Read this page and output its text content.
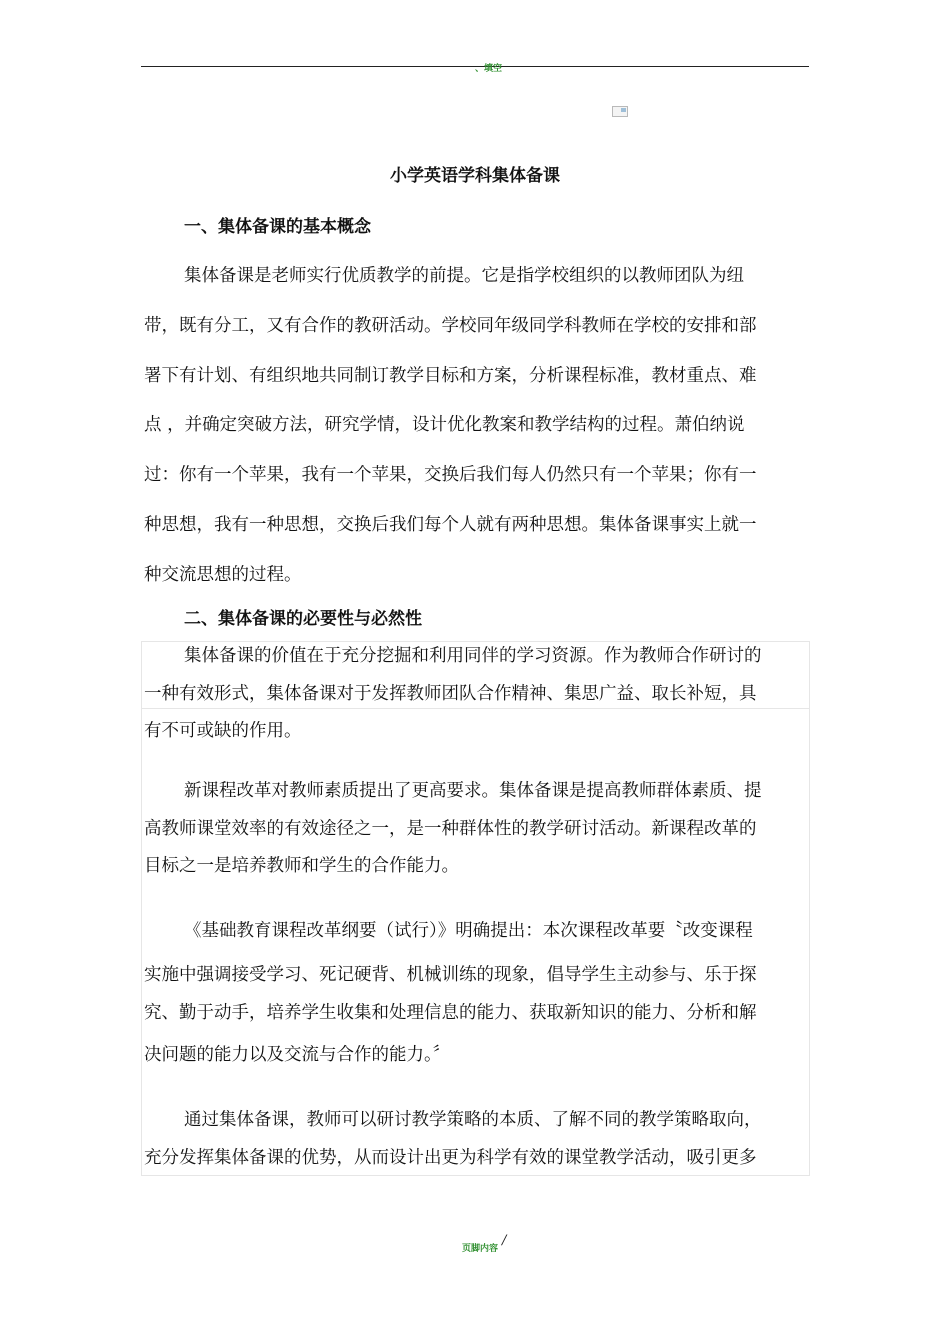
、填空
小学英语学科集体备课
一、集体备课的基本概念
集体备课是老师实行优质教学的前提。它是指学校组织的以教师团队为纽
带，既有分工，又有合作的教研活动。学校同年级同学科教师在学校的安排和部
署下有计划、有组织地共同制订教学目标和方案，分析课程标准，教材重点、难
点 ，并确定突破方法，研究学情，设计优化教案和教学结构的过程。萧伯纳说
过：你有一个苹果，我有一个苹果，交换后我们每人仍然只有一个苹果；你有一
种思想，我有一种思想，交换后我们每个人就有两种思想。集体备课事实上就一
种交流思想的过程。
二、集体备课的必要性与必然性
集体备课的价值在于充分挖掘和利用同伴的学习资源。作为教师合作研讨的
一种有效形式，集体备课对于发挥教师团队合作精神、集思广益、取长补短，具
有不可或缺的作用。
新课程改革对教师素质提出了更高要求。集体备课是提高教师群体素质、提
高教师课堂效率的有效途径之一，是一种群体性的教学研讨活动。新课程改革的
目标之一是培养教师和学生的合作能力。
《基础教育课程改革纲要（试行）》明确提出：本次课程改革要〝改变课程
实施中强调接受学习、死记硬背、机械训练的现象，倡导学生主动参与、乐于探
究、勤于动手，培养学生收集和处理信息的能力、获取新知识的能力、分析和解
决问题的能力以及交流与合作的能力。〞
通过集体备课，教师可以研讨教学策略的本质、了解不同的教学策略取向，
充分发挥集体备课的优势，从而设计出更为科学有效的课堂教学活动，吸引更多
页脚内容
/
